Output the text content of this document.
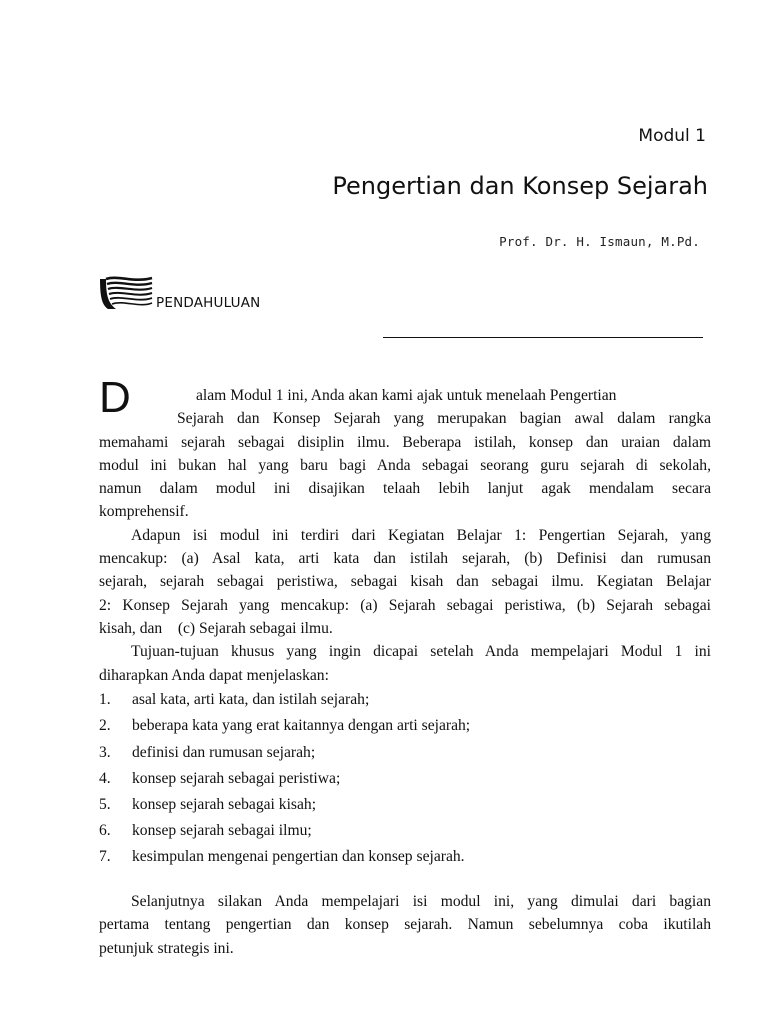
Modul 1
Pengertian dan Konsep Sejarah
Prof. Dr. H. Ismaun, M.Pd.
PENDAHULUAN
D	alam Modul 1 ini, Anda akan kami ajak untuk menelaah Pengertian
Sejarah dan Konsep Sejarah yang merupakan bagian awal dalam rangka
memahami sejarah sebagai disiplin ilmu. Beberapa istilah, konsep dan uraian dalam
modul ini bukan hal yang baru bagi Anda sebagai seorang guru sejarah di sekolah,
namun dalam modul ini disajikan telaah lebih lanjut agak mendalam secara
komprehensif.
Adapun isi modul ini terdiri dari Kegiatan Belajar 1: Pengertian Sejarah, yang
mencakup: (a) Asal kata, arti kata dan istilah sejarah, (b) Definisi dan rumusan
sejarah, sejarah sebagai peristiwa, sebagai kisah dan sebagai ilmu. Kegiatan Belajar
2: Konsep Sejarah yang mencakup: (a) Sejarah sebagai peristiwa, (b) Sejarah sebagai
kisah, dan    (c) Sejarah sebagai ilmu.
Tujuan-tujuan khusus yang ingin dicapai setelah Anda mempelajari Modul 1 ini
diharapkan Anda dapat menjelaskan:
1.	asal kata, arti kata, dan istilah sejarah;
2.	beberapa kata yang erat kaitannya dengan arti sejarah;
3.	definisi dan rumusan sejarah;
4.	konsep sejarah sebagai peristiwa;
5.	konsep sejarah sebagai kisah;
6.	konsep sejarah sebagai ilmu;
7.	kesimpulan mengenai pengertian dan konsep sejarah.
Selanjutnya silakan Anda mempelajari isi modul ini, yang dimulai dari bagian
pertama tentang pengertian dan konsep sejarah. Namun sebelumnya coba ikutilah
petunjuk strategis ini.
